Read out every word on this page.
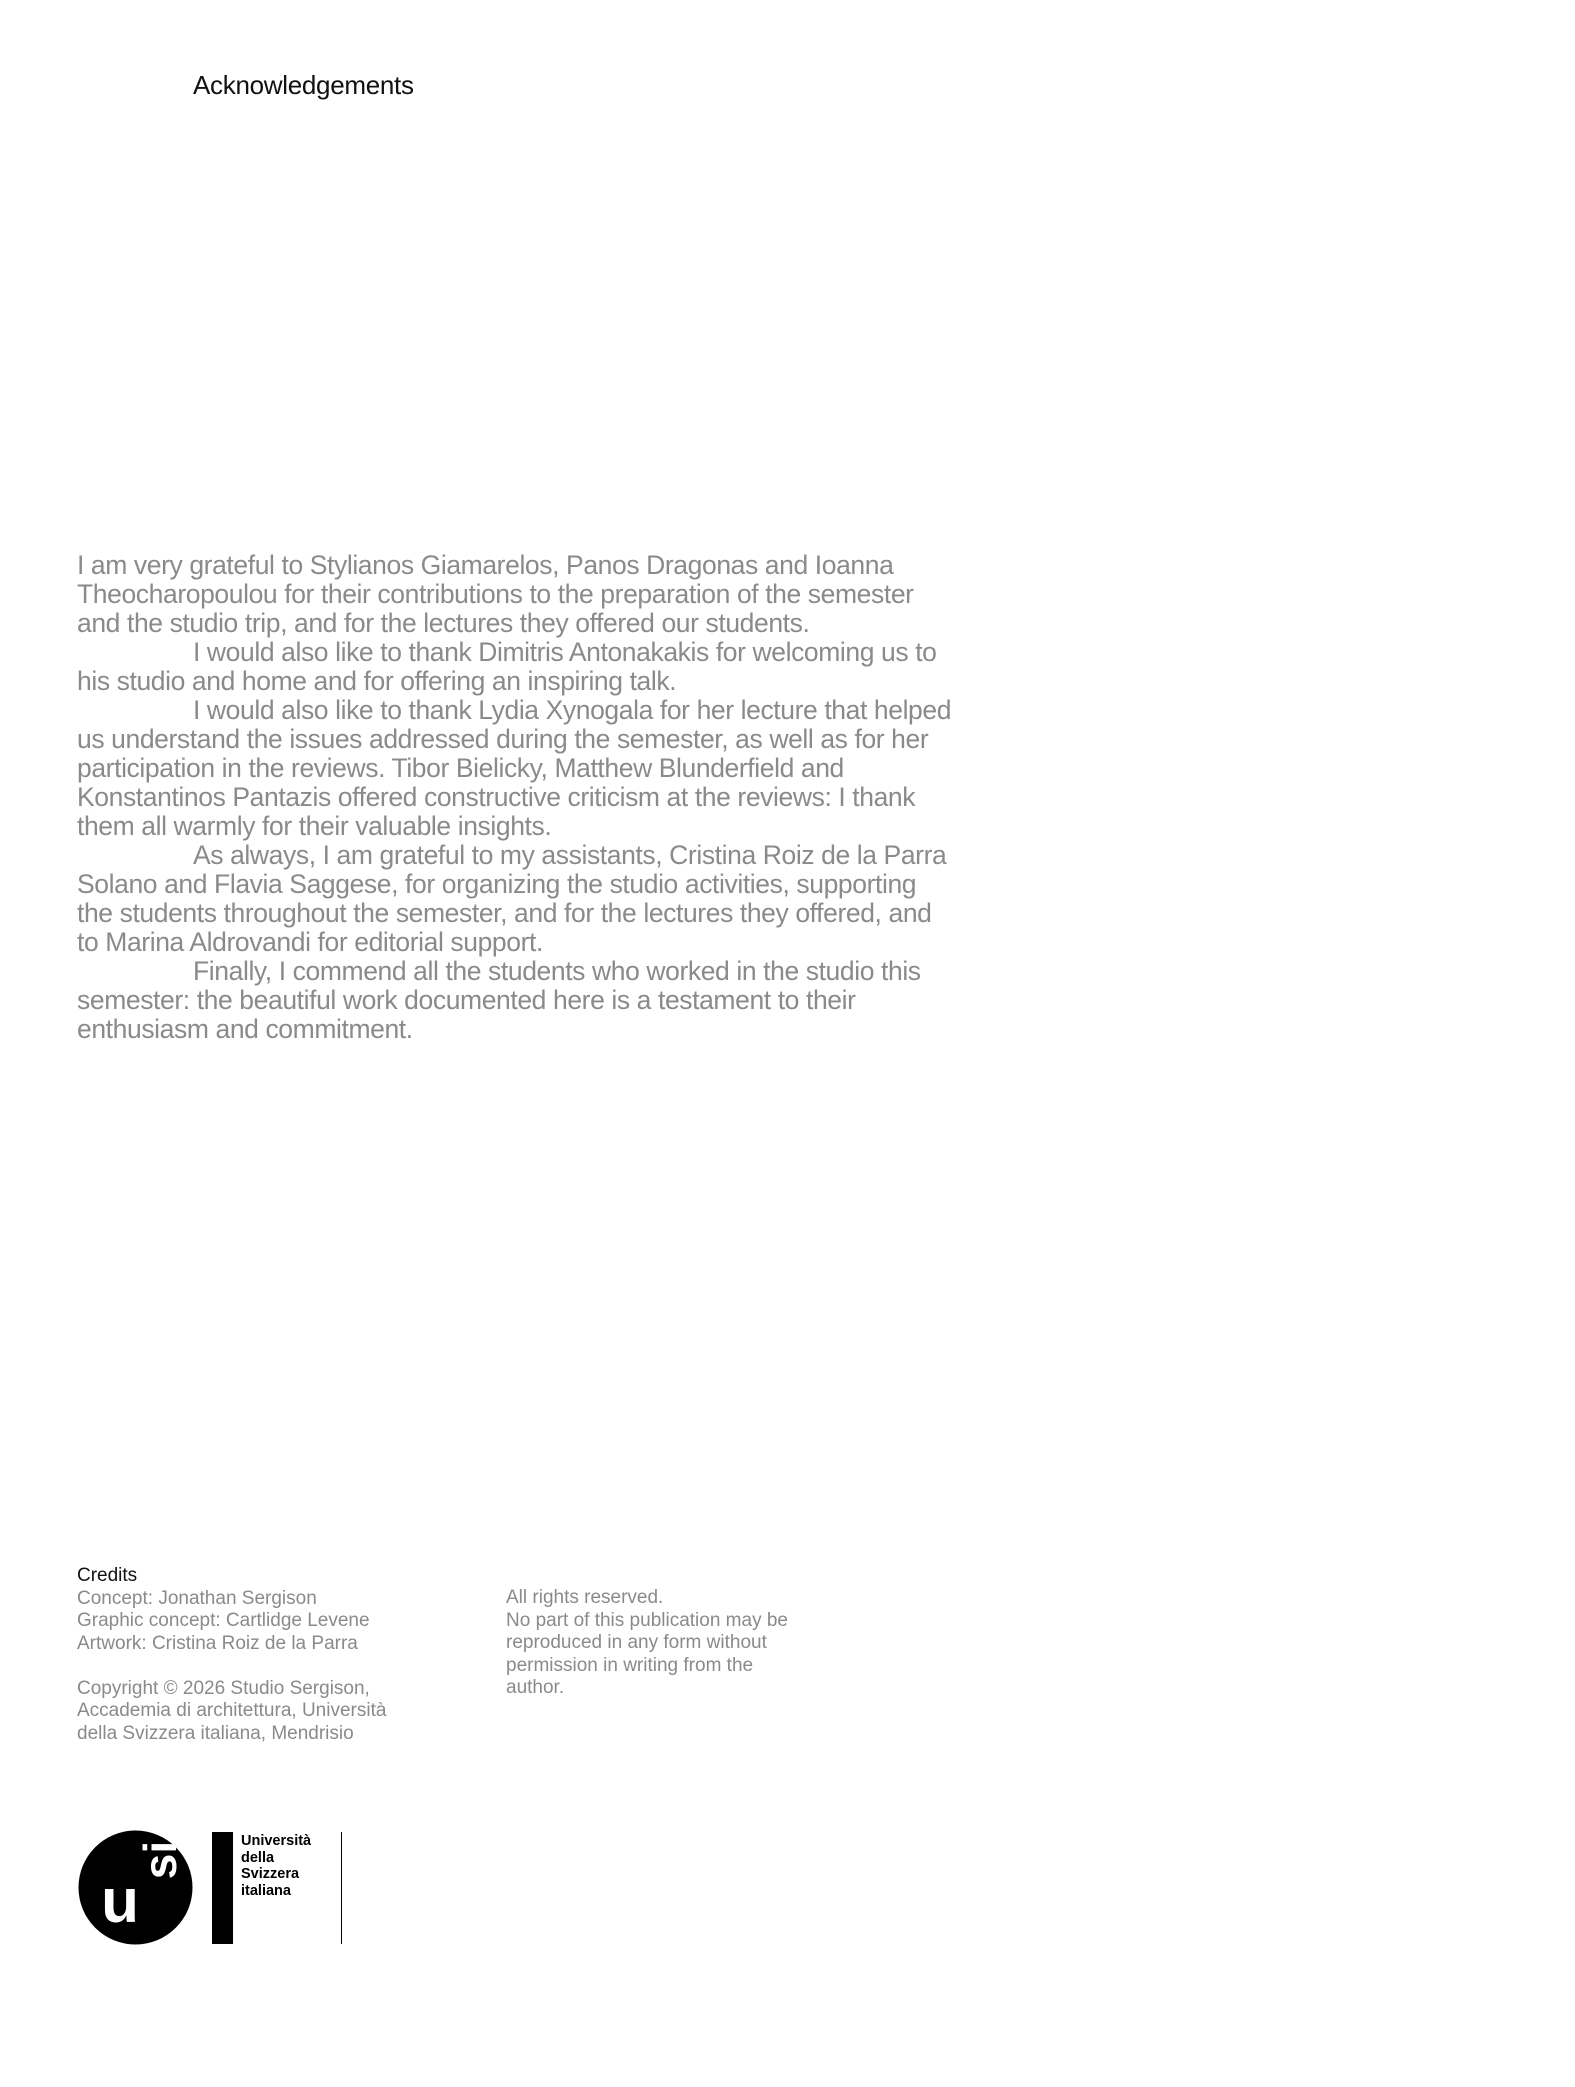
Acknowledgements

I am very grateful to Stylianos Giamarelos, Panos Dragonas and Ioanna Theocharopoulou for their contributions to the preparation of the semester and the studio trip, and for the lectures they offered our students.

I would also like to thank Dimitris Antonakakis for welcoming us to his studio and home and for offering an inspiring talk.

I would also like to thank Lydia Xynogala for her lecture that helped us understand the issues addressed during the semester, as well as for her participation in the reviews. Tibor Bielicky, Matthew Blunderfield and Konstantinos Pantazis offered constructive criticism at the reviews: I thank them all warmly for their valuable insights.

As always, I am grateful to my assistants, Cristina Roiz de la Parra Solano and Flavia Saggese, for organizing the studio activities, supporting the students throughout the semester, and for the lectures they offered, and to Marina Aldrovandi for editorial support.

Finally, I commend all the students who worked in the studio this semester: the beautiful work documented here is a testament to their enthusiasm and commitment.

Credits
Concept: Jonathan Sergison
Graphic concept: Cartlidge Levene
Artwork: Cristina Roiz de la Parra
Copyright © 2026 Studio Sergison,
Accademia di architettura, Università
della Svizzera italiana, Mendrisio
All rights reserved.
No part of this publication may be
reproduced in any form without
permission in writing from the
author.
u
si	Università
della
Svizzera
italiana
